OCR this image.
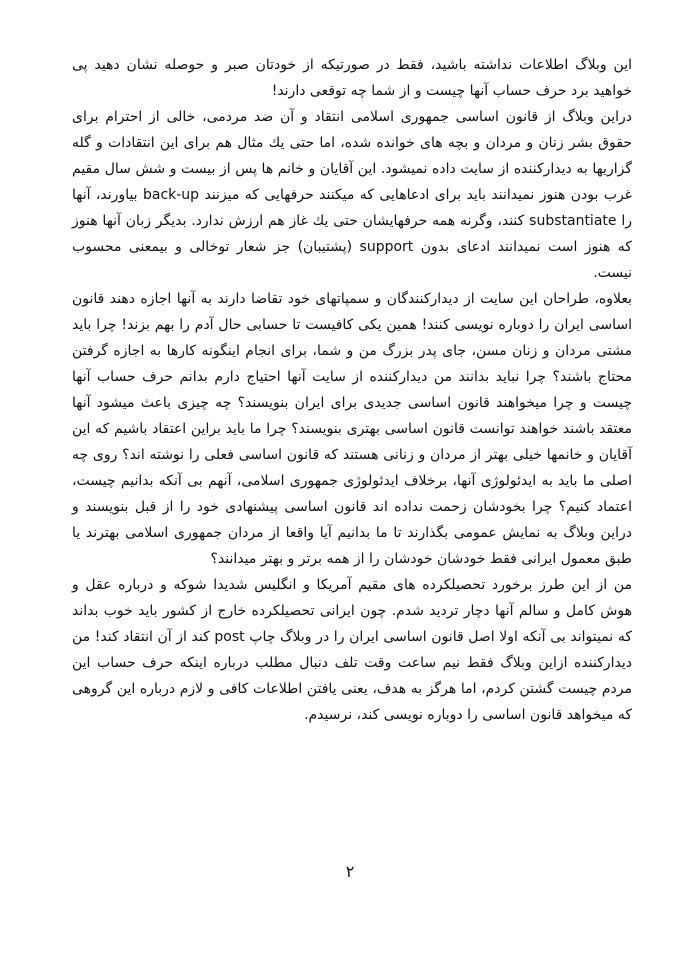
این وبلاگ اطلاعات نداشته باشید، فقط در صورتیکه از خودتان صبر و حوصله نشان دهید پی خواهید برد حرف حساب آنها چیست و از شما چه توقعی دارند!

دراین وبلاگ از قانون اساسی جمهوری اسلامی انتقاد و آن ضد مردمی، خالی از احترام برای حقوق بشر زنان و مردان و بچه های خوانده شده، اما حتی یك مثال هم برای این انتقادات و گله گزاریها به دیدارکننده از سایت داده نمیشود. این آقایان و خانم ها پس از بیست و شش سال مقیم غرب بودن هنوز نمیدانند باید برای ادعاهایی که میکنند حرفهایی که میزنند back-up بیاورند، آنها را substantiate کنند، وگرنه همه حرفهایشان حتی یك غاز هم ارزش ندارد. بدیگر زبان آنها هنوز که هنوز است نمیدانند ادعای بدون support (پشتیبان) جز شعار توخالی و بیمعنی محسوب نیست.

بعلاوه، طراحان این سایت از دیدارکنندگان و سمپاتهای خود تقاضا دارند به آنها اجازه دهند قانون اساسی ایران را دوباره نویسی کنند! همین یکی کافیست تا حسابی حال آدم را بهم بزند! چرا باید مشتی مردان و زنان مسن، جای پدر بزرگ من و شما، برای انجام اینگونه کارها به اجازه گرفتن محتاج باشند؟ چرا نباید بدانند من دیدارکننده از سایت آنها احتیاج دارم بدانم حرف حساب آنها چیست و چرا میخواهند قانون اساسی جدیدی برای ایران بنویسند؟ چه چیزی باعث میشود آنها معتقد باشند خواهند توانست قانون اساسی بهتری بنویسند؟ چرا ما باید براین اعتقاد باشیم که این آقایان و خانمها خیلی بهتر از مردان و زنانی هستند که قانون اساسی فعلی را نوشته اند؟ روی چه اصلی ما باید به ایدئولوژی آنها، برخلاف ایدئولوژی جمهوری اسلامی، آنهم بی آنکه بدانیم چیست، اعتماد کنیم؟ چرا بخودشان زحمت نداده اند قانون اساسی پیشنهادی خود را از قبل بنویسند و دراین وبلاگ به نمایش عمومی بگذارند تا ما بدانیم آیا واقعا از مردان جمهوری اسلامی بهترند یا طبق معمول ایرانی فقط خودشان خودشان را از همه برتر و بهتر میدانند؟

من از این طرز برخورد تحصیلکرده های مقیم آمریکا و انگلیس شدیدا شوکه و درباره عقل و هوش کامل و سالم آنها دچار تردید شدم. چون ایرانی تحصیلکرده خارج از کشور باید خوب بداند که نمیتواند بی آنکه اولا اصل قانون اساسی ایران را در وبلاگ چاپ post کند از آن انتقاد کند! من دیدارکننده ازاین وبلاگ فقط نیم ساعت وقت تلف دنبال مطلب درباره اینکه حرف حساب این مردم چیست گشتن کردم، اما هرگز به هدف، یعنی یافتن اطلاعات کافی و لازم درباره این گروهی که میخواهد قانون اساسی را دوباره نویسی کند، نرسیدم.

۲
